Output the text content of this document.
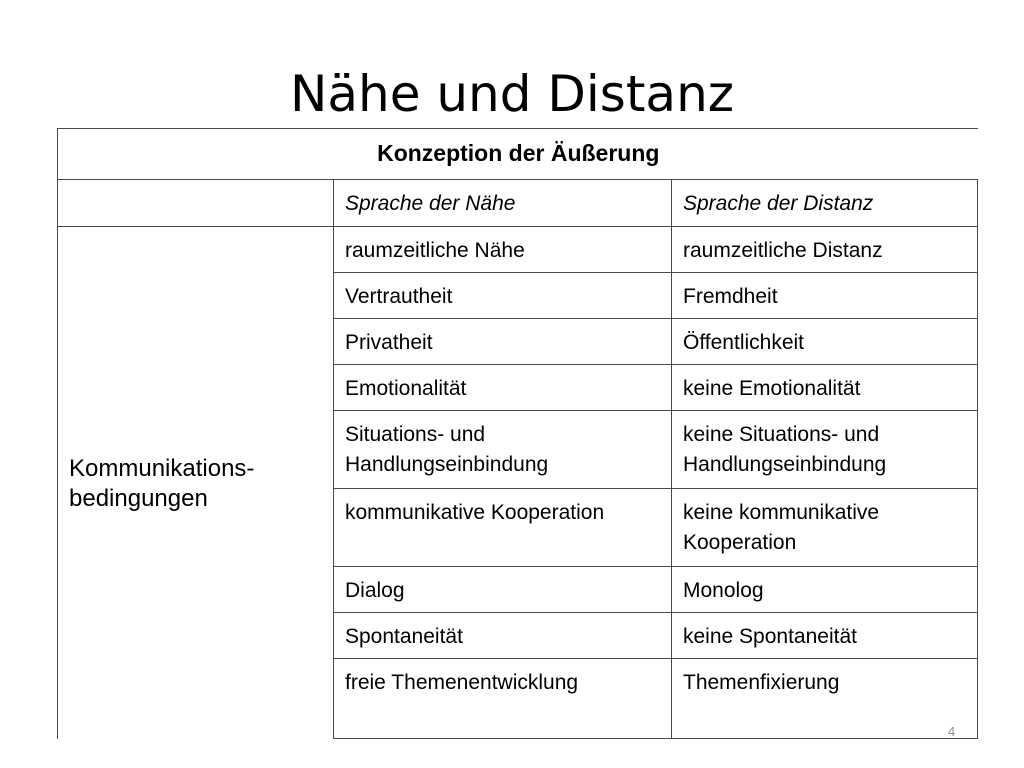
Nähe und Distanz
Konzeption der Äußerung		
	Sprache der Nähe	Sprache der Distanz
Kommunikations-bedingungen	raumzeitliche Nähe	raumzeitliche Distanz
	Vertrautheit	Fremdheit
	Privatheit	Öffentlichkeit
	Emotionalität	keine Emotionalität
	Situations- und Handlungseinbindung	keine Situations- und Handlungseinbindung
	kommunikative Kooperation	keine kommunikative Kooperation
	Dialog	Monolog
	Spontaneität	keine Spontaneität
	freie Themenentwicklung	Themenfixierung
4
